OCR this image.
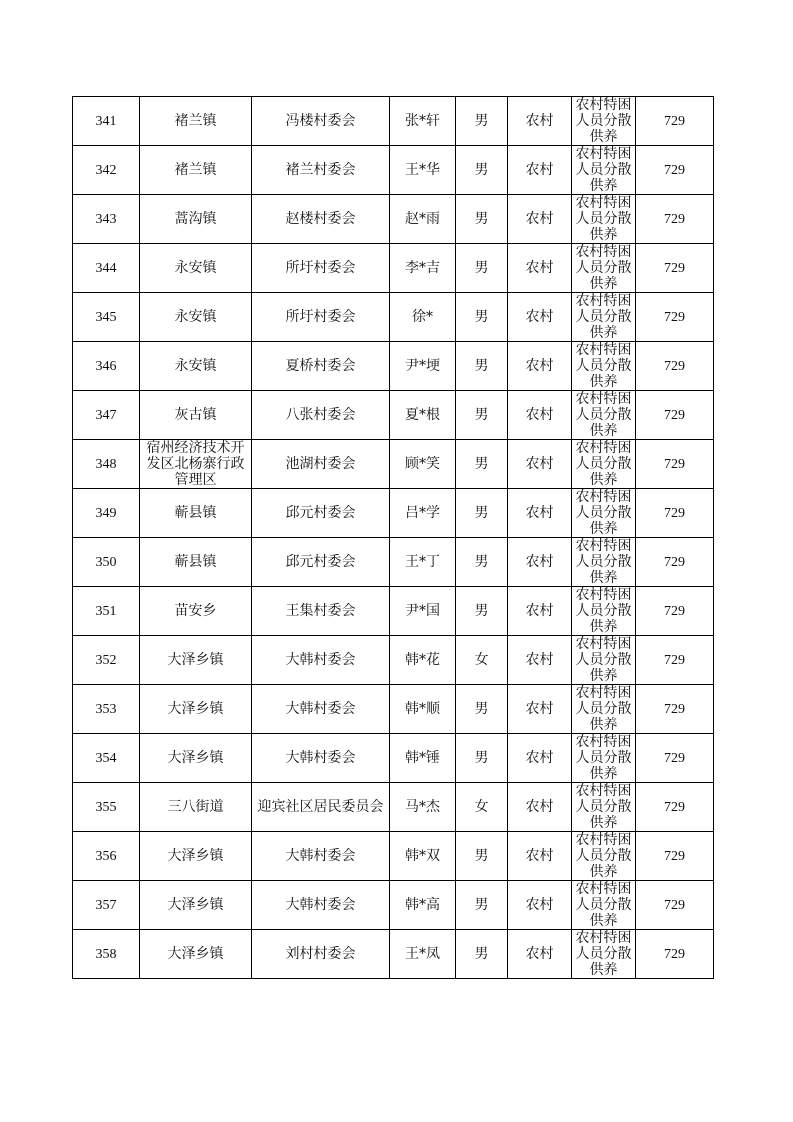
341	褚兰镇	冯楼村委会	张*轩	男	农村	农村特困人员分散供养	729

342	褚兰镇	褚兰村委会	王*华	男	农村	农村特困人员分散供养	729

343	蒿沟镇	赵楼村委会	赵*雨	男	农村	农村特困人员分散供养	729

344	永安镇	所圩村委会	李*吉	男	农村	农村特困人员分散供养	729

345	永安镇	所圩村委会	徐*	男	农村	农村特困人员分散供养	729

346	永安镇	夏桥村委会	尹*埂	男	农村	农村特困人员分散供养	729

347	灰古镇	八张村委会	夏*根	男	农村	农村特困人员分散供养	729

348	宿州经济技术开发区北杨寨行政管理区	池湖村委会	顾*笑	男	农村	农村特困人员分散供养	729

349	蕲县镇	邱元村委会	吕*学	男	农村	农村特困人员分散供养	729

350	蕲县镇	邱元村委会	王*丁	男	农村	农村特困人员分散供养	729

351	苗安乡	王集村委会	尹*国	男	农村	农村特困人员分散供养	729

352	大泽乡镇	大韩村委会	韩*花	女	农村	农村特困人员分散供养	729

353	大泽乡镇	大韩村委会	韩*顺	男	农村	农村特困人员分散供养	729

354	大泽乡镇	大韩村委会	韩*锤	男	农村	农村特困人员分散供养	729

355	三八街道	迎宾社区居民委员会	马*杰	女	农村	农村特困人员分散供养	729

356	大泽乡镇	大韩村委会	韩*双	男	农村	农村特困人员分散供养	729

357	大泽乡镇	大韩村委会	韩*高	男	农村	农村特困人员分散供养	729

358	大泽乡镇	刘村村委会	王*凤	男	农村	农村特困人员分散供养	729
